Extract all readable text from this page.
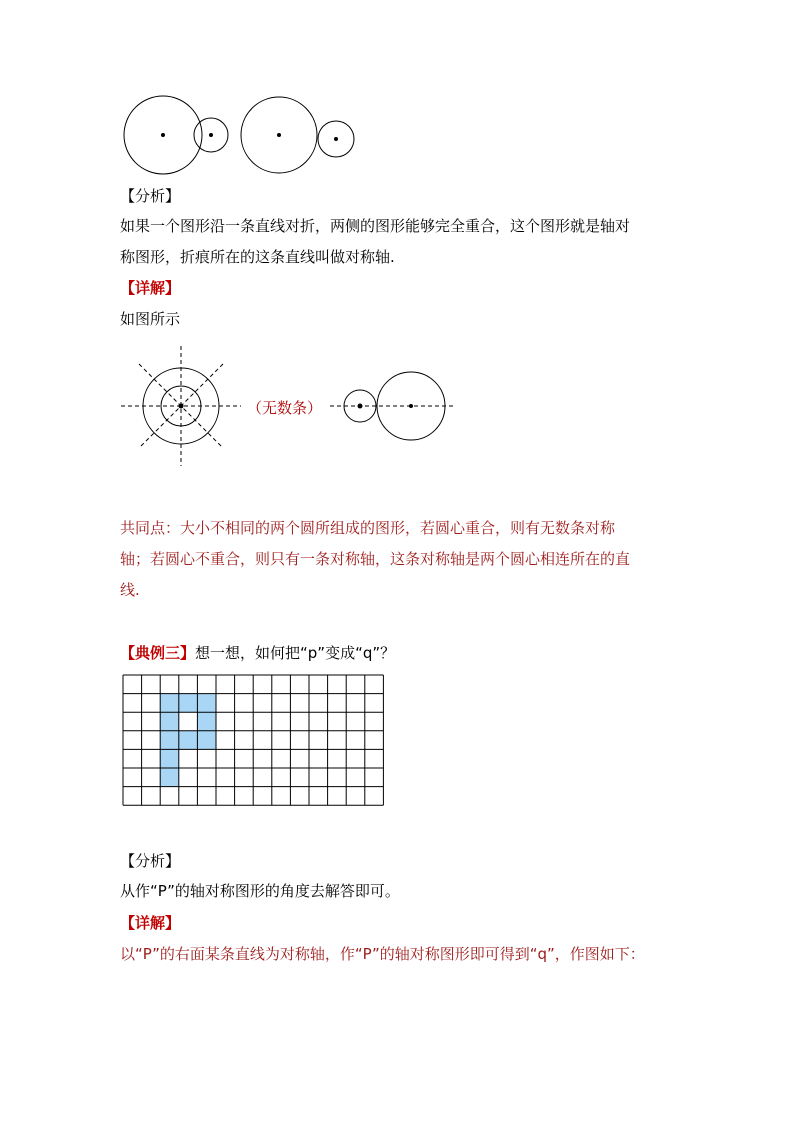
【分析】
如果一个图形沿一条直线对折，两侧的图形能够完全重合，这个图形就是轴对
称图形，折痕所在的这条直线叫做对称轴.
【详解】
如图所示
（无数条）
共同点：大小不相同的两个圆所组成的图形，若圆心重合，则有无数条对称
轴；若圆心不重合，则只有一条对称轴，这条对称轴是两个圆心相连所在的直
线.
【典例三】想一想，如何把“p”变成“q”？
【分析】
从作“P”的轴对称图形的角度去解答即可。
【详解】
以“P”的右面某条直线为对称轴，作“P”的轴对称图形即可得到“q”，作图如下：
